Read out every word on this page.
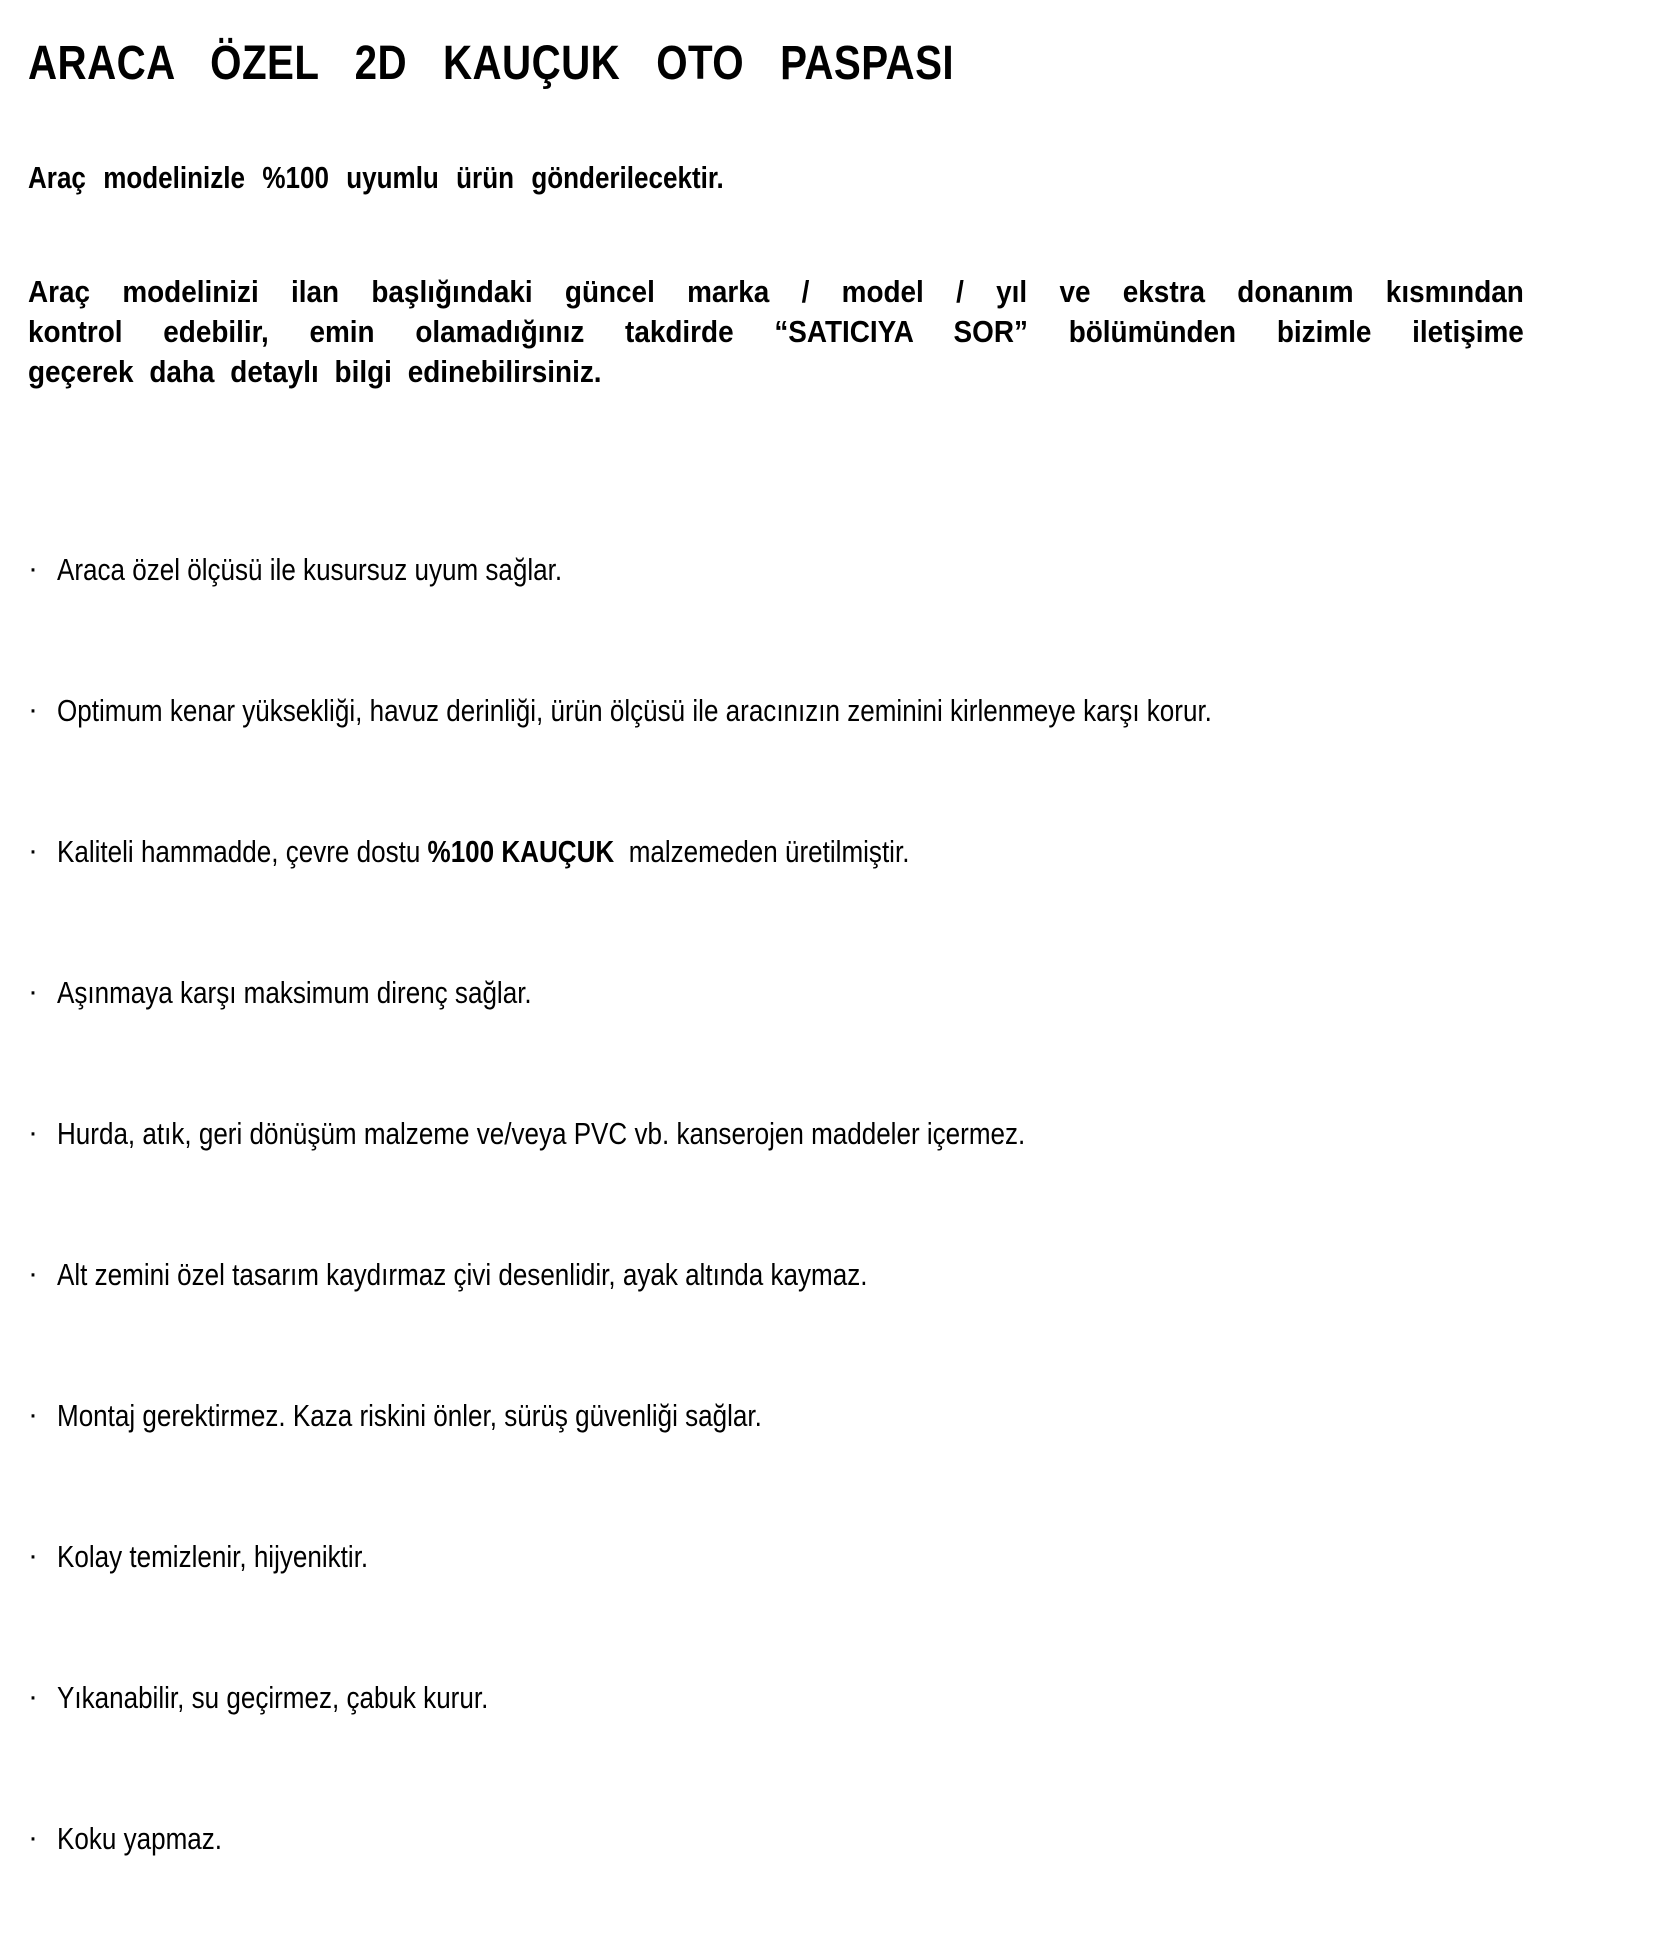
ARACA ÖZEL 2D KAUÇUK OTO PASPASI
Araç modelinizle %100 uyumlu ürün gönderilecektir.
Araç modelinizi ilan başlığındaki güncel marka / model / yıl ve ekstra donanım kısmından
kontrol edebilir, emin olamadığınız takdirde “SATICIYA SOR” bölümünden bizimle iletişime
geçerek daha detaylı bilgi edinebilirsiniz.
· Araca özel ölçüsü ile kusursuz uyum sağlar.
· Optimum kenar yüksekliği, havuz derinliği, ürün ölçüsü ile aracınızın zeminini kirlenmeye karşı korur.
· Kaliteli hammadde, çevre dostu %100 KAUÇUK  malzemeden üretilmiştir.
· Aşınmaya karşı maksimum direnç sağlar.
· Hurda, atık, geri dönüşüm malzeme ve/veya PVC vb. kanserojen maddeler içermez.
· Alt zemini özel tasarım kaydırmaz çivi desenlidir, ayak altında kaymaz.
· Montaj gerektirmez. Kaza riskini önler, sürüş güvenliği sağlar.
· Kolay temizlenir, hijyeniktir.
· Yıkanabilir, su geçirmez, çabuk kurur.
· Koku yapmaz.
